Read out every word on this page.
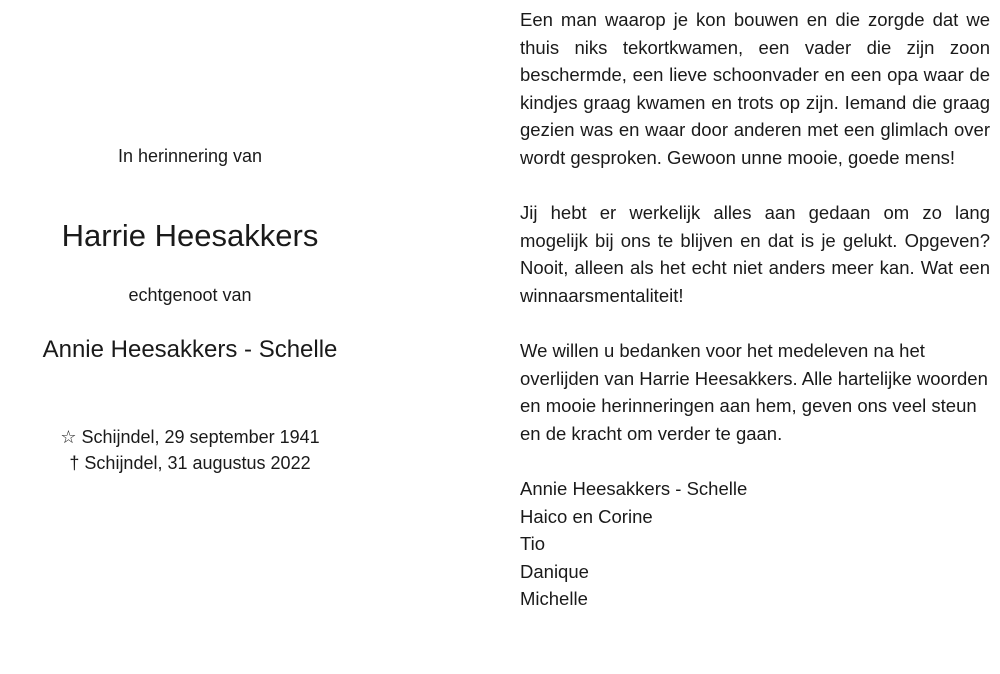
In herinnering van
Harrie Heesakkers
echtgenoot van
Annie Heesakkers - Schelle
☆ Schijndel, 29 september 1941
† Schijndel, 31 augustus 2022

Een man waarop je kon bouwen en die zorgde dat we thuis niks tekortkwamen, een vader die zijn zoon beschermde, een lieve schoonvader en een opa waar de kindjes graag kwamen en trots op zijn. Iemand die graag gezien was en waar door anderen met een glimlach over wordt gesproken. Gewoon unne mooie, goede mens!

Jij hebt er werkelijk alles aan gedaan om zo lang mogelijk bij ons te blijven en dat is je gelukt. Opgeven? Nooit, alleen als het echt niet anders meer kan. Wat een winnaarsmentaliteit!

We willen u bedanken voor het medeleven na het overlijden van Harrie Heesakkers. Alle hartelijke woorden en mooie herinneringen aan hem, geven ons veel steun en de kracht om verder te gaan.

Annie Heesakkers - Schelle
Haico en Corine
Tio
Danique
Michelle
